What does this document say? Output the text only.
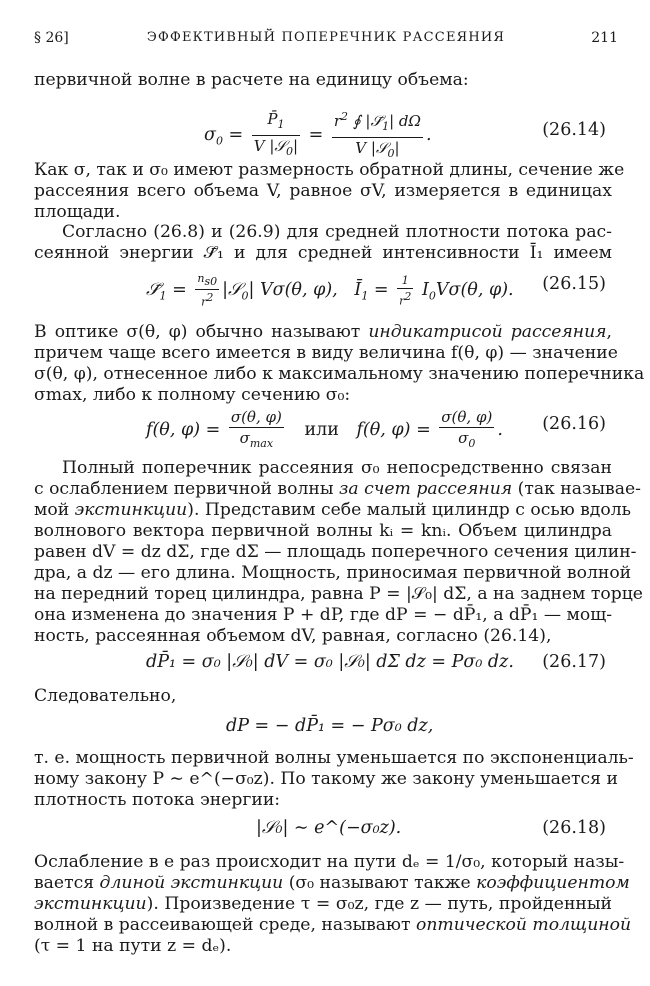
§ 26]	ЭФФЕКТИВНЫЙ ПОПЕРЕЧНИК РАССЕЯНИЯ	211
первичной волне в расчете на единицу объема:
$\sigma_0 = \frac{P̄_1}{V |𝒮_0|} = \frac{r^2 ∮ |𝒮̄_1| d\Omega}{V |𝒮_0|}$ .	(26.14)
Как σ, так и σ₀ имеют размерность обратной длины, сечение же
рассеяния всего объема V, равное σV, измеряется в единицах
площади.
Согласно (26.8) и (26.9) для средней плотности потока рас-
сеянной энергии 𝒮̄₁ и для средней интенсивности Ī₁ имеем
$𝒮̄_1 = \frac{n_{s0}}{r^2}$ |𝒮$_0$| Vσ(θ, φ),   $Ī_1 = \frac{1}{r^2} I_0V\sigma(\theta$, φ). (26.15)
В оптике σ(θ, φ) обычно называют индикатрисой рассеяния,
причем чаще всего имеется в виду величина f(θ, φ) — значение
σ(θ, φ), отнесенное либо к максимальному значению поперечника
σmax, либо к полному сечению σ₀:
f(θ, $\varphi) = \frac{\sigma(\theta, \varphi)}{\sigma_{max}}$ или f(θ, $\varphi) = \frac{\sigma(\theta, \varphi)}{\sigma_0}$ . (26.16)
Полный поперечник рассеяния σ₀ непосредственно связан
с ослаблением первичной волны за счет рассеяния (так называе-
мой экстинкции). Представим себе малый цилиндр с осью вдоль
волнового вектора первичной волны kᵢ = knᵢ. Объем цилиндра
равен dV = dz dΣ, где dΣ — площадь поперечного сечения цилин-
дра, а dz — его длина. Мощность, приносимая первичной волной
на передний торец цилиндра, равна P = |𝒮₀| dΣ, а на заднем торце
она изменена до значения P + dP, где dP = − dP̄₁, а dP̄₁ — мощ-
ность, рассеянная объемом dV, равная, согласно (26.14),
dP̄₁ = σ₀ |𝒮₀| dV = σ₀ |𝒮₀| dΣ dz = Pσ₀ dz. (26.17)
Следовательно,
dP = − dP̄₁ = − Pσ₀ dz,
т. е. мощность первичной волны уменьшается по экспоненциаль-
ному закону P ∼ e^(−σ₀z). По такому же закону уменьшается и
плотность потока энергии:
|𝒮₀| ∼ e^(−σ₀z).	(26.18)
Ослабление в e раз происходит на пути dₑ = 1/σ₀, который назы-
вается длиной экстинкции (σ₀ называют также коэффициентом
экстинкции). Произведение τ = σ₀z, где z — путь, пройденный
волной в рассеивающей среде, называют оптической толщиной
(τ = 1 на пути z = dₑ).
